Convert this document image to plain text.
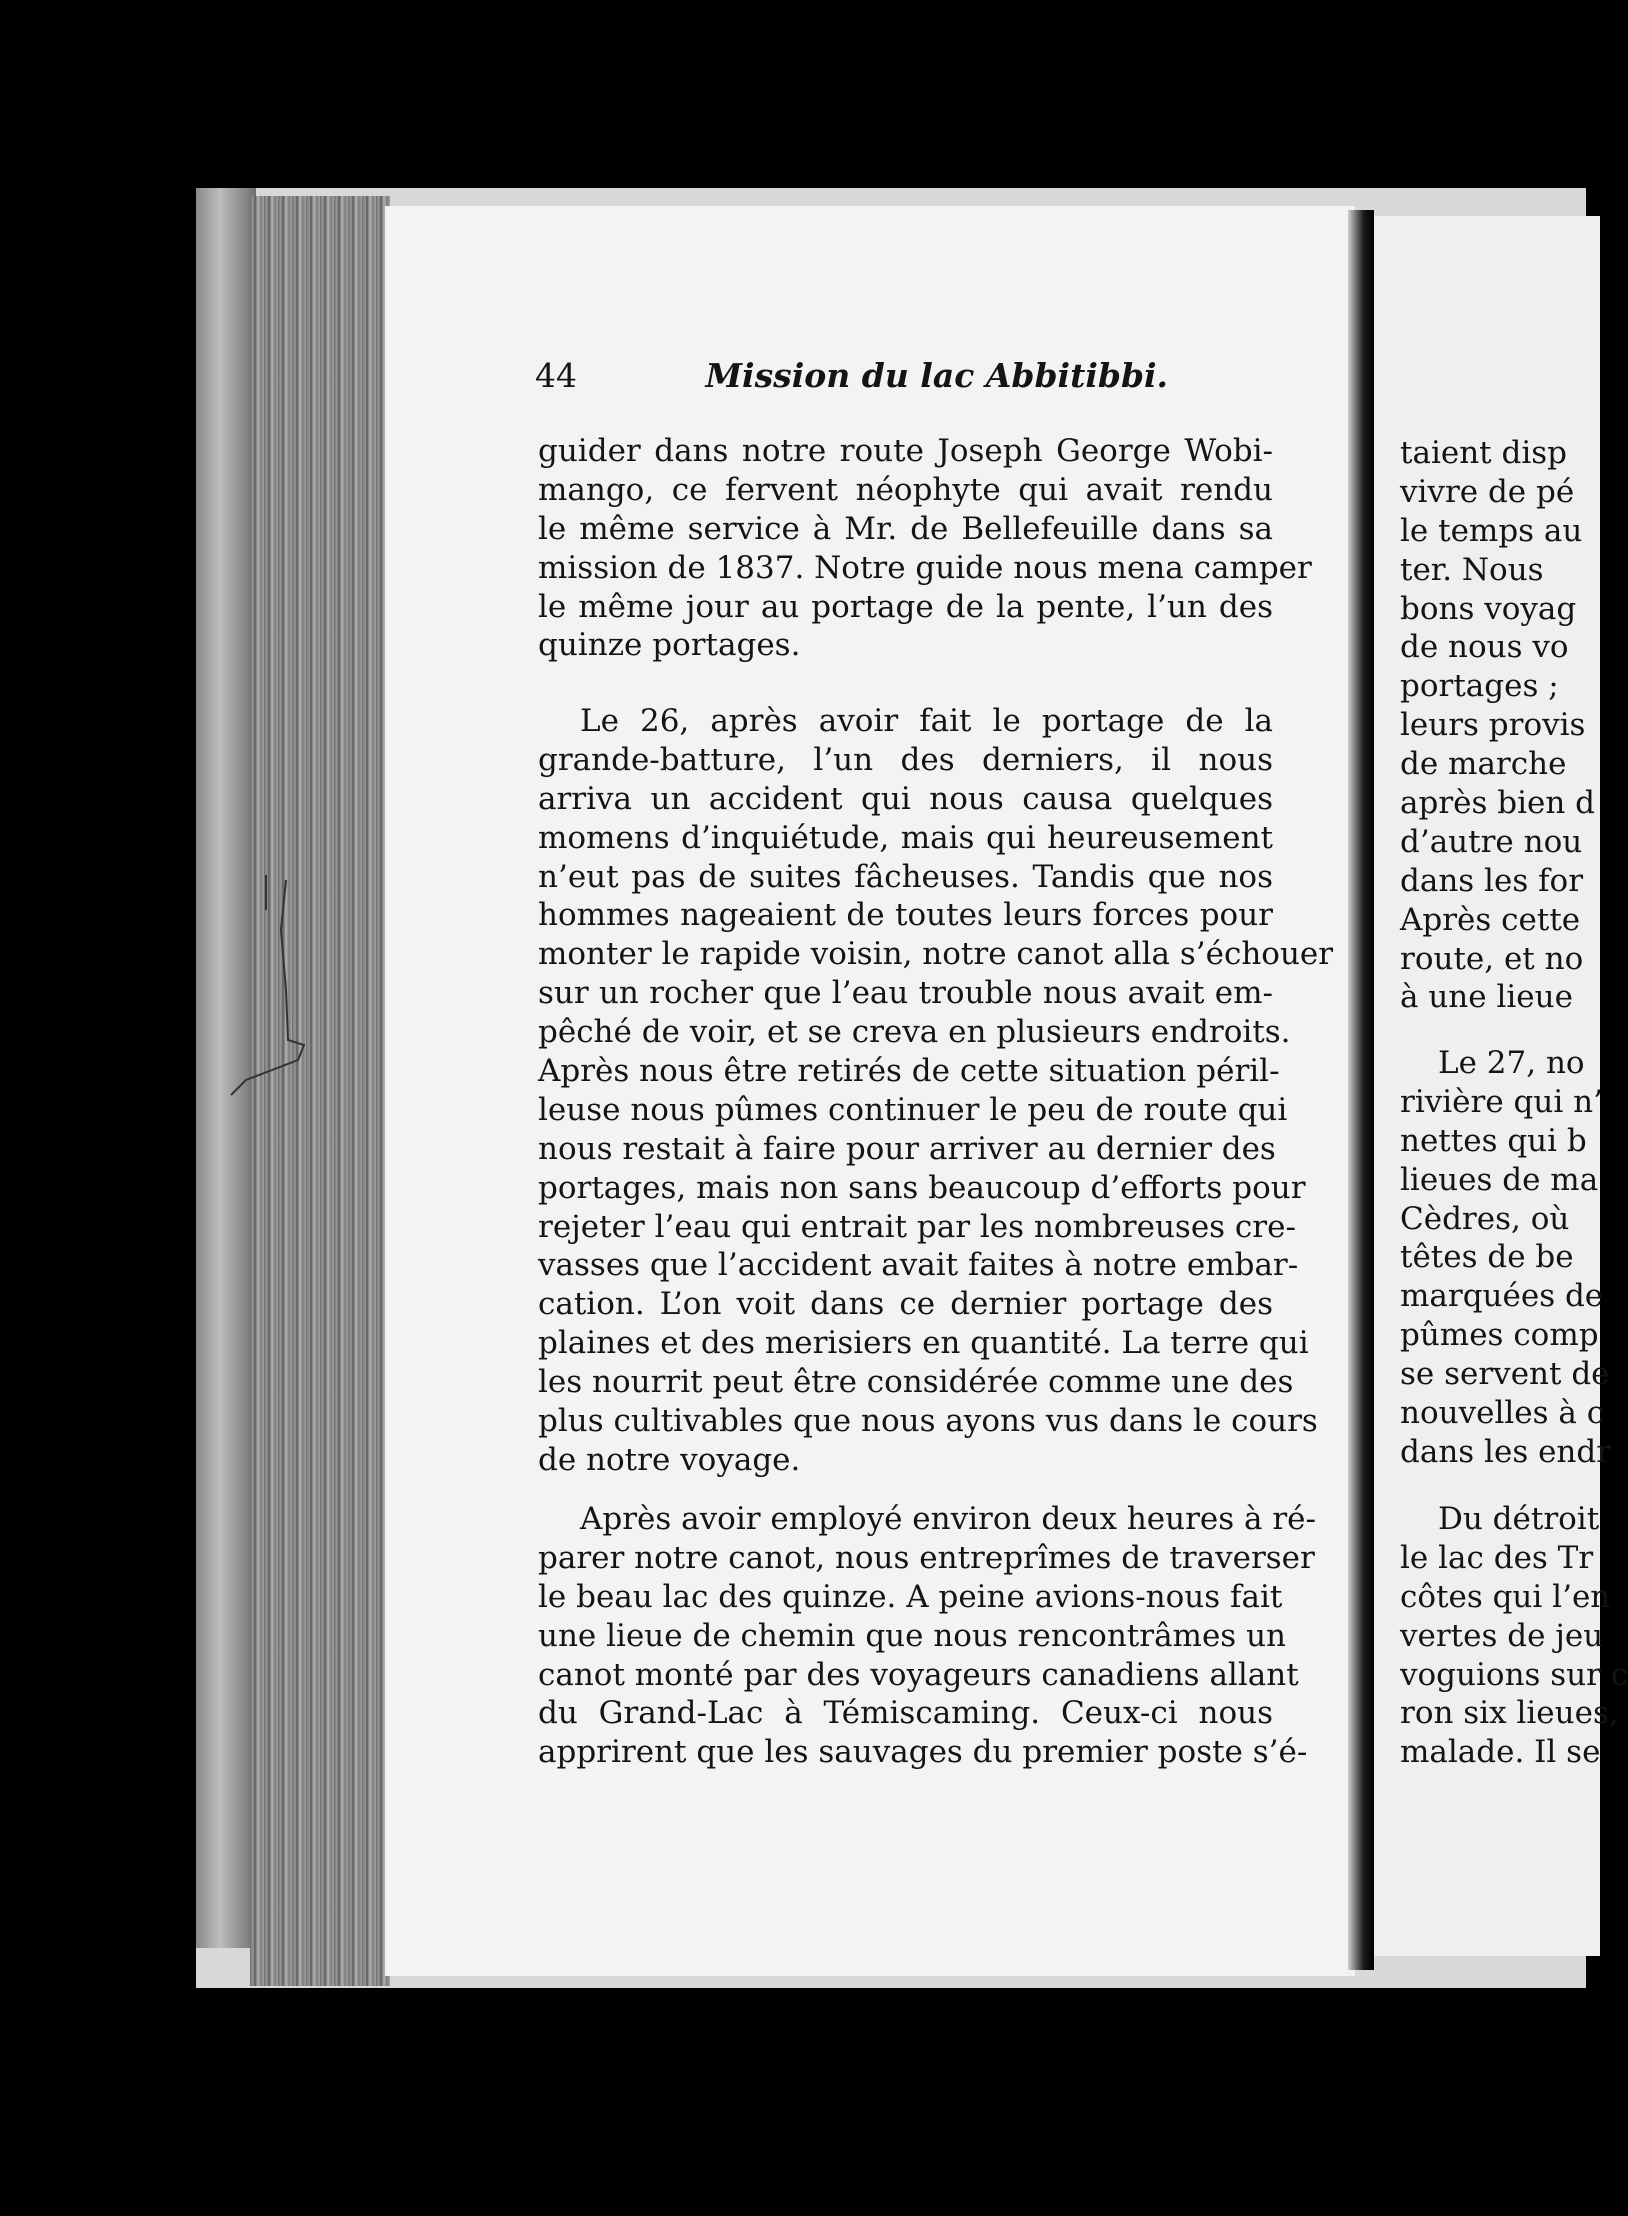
44	Mission du lac Abbitibbi.
guider dans notre route Joseph George Wobi-
mango, ce fervent néophyte qui avait rendu
le même service à Mr. de Bellefeuille dans sa
mission de 1837. Notre guide nous mena camper
le même jour au portage de la pente, l’un des
quinze portages.
Le 26, après avoir fait le portage de la
grande-batture, l’un des derniers, il nous
arriva un accident qui nous causa quelques
momens d’inquiétude, mais qui heureusement
n’eut pas de suites fâcheuses. Tandis que nos
hommes nageaient de toutes leurs forces pour
monter le rapide voisin, notre canot alla s’échouer
sur un rocher que l’eau trouble nous avait em-
pêché de voir, et se creva en plusieurs endroits.
Après nous être retirés de cette situation péril-
leuse nous pûmes continuer le peu de route qui
nous restait à faire pour arriver au dernier des
portages, mais non sans beaucoup d’efforts pour
rejeter l’eau qui entrait par les nombreuses cre-
vasses que l’accident avait faites à notre embar-
cation. L’on voit dans ce dernier portage des
plaines et des merisiers en quantité. La terre qui
les nourrit peut être considérée comme une des
plus cultivables que nous ayons vus dans le cours
de notre voyage.
Après avoir employé environ deux heures à ré-
parer notre canot, nous entreprîmes de traverser
le beau lac des quinze. A peine avions-nous fait
une lieue de chemin que nous rencontrâmes un
canot monté par des voyageurs canadiens allant
du Grand-Lac à Témiscaming. Ceux-ci nous
apprirent que les sauvages du premier poste s’é-
taient disp
vivre de pé
le temps au
ter. Nous
bons voyag
de nous vo
portages ;
leurs provis
de marche
après bien d
d’autre nou
dans les for
Après cette
route, et no
à une lieue
Le 27, no
rivière qui n’
nettes qui b
lieues de ma
Cèdres, où
têtes de be
marquées de
pûmes comp
se servent de
nouvelles à c
dans les endr
Du détroit
le lac des Tr
côtes qui l’en
vertes de jeu
voguions sur c
ron six lieues,
malade. Il se
